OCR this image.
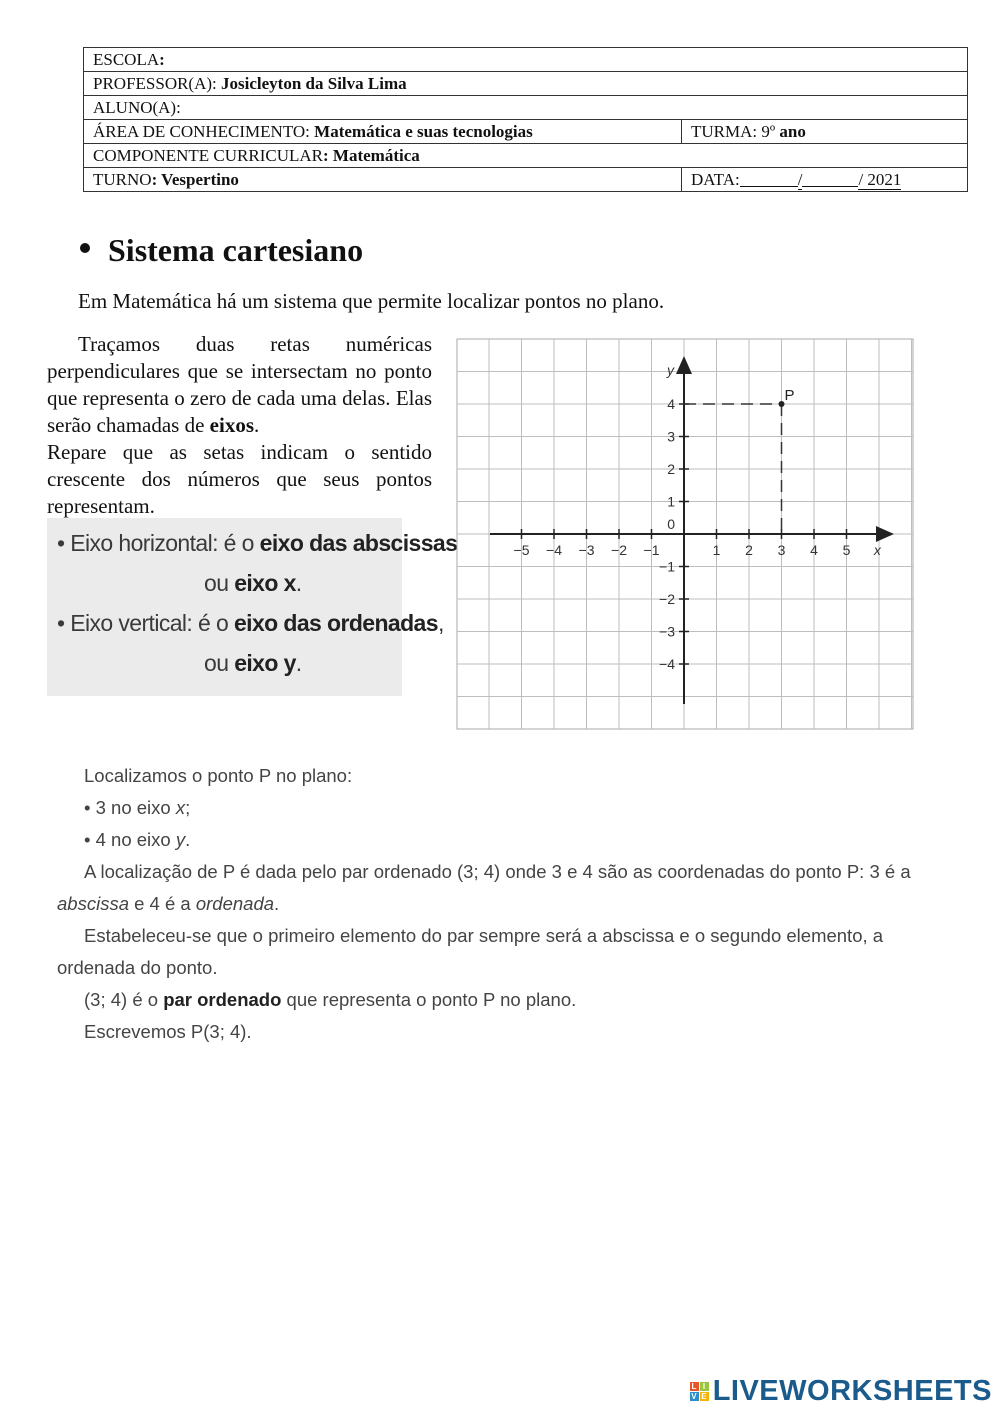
ESCOLA:	
PROFESSOR(A): Josicleyton da Silva Lima	
ALUNO(A):	
ÁREA DE CONHECIMENTO: Matemática e suas tecnologias	TURMA: 9º ano
COMPONENTE CURRICULAR: Matemática	
TURNO: Vespertino	DATA: / / 2021
Sistema cartesiano

Em Matemática há um sistema que permite localizar pontos no plano.

Traçamos duas retas numéricas perpendiculares que se intersectam no ponto que representa o zero de cada uma delas. Elas serão chamadas de eixos.

Repare que as setas indicam o sentido crescente dos números que seus pontos representam.

• Eixo horizontal: é o eixo das abscissas
ou eixo x.
• Eixo vertical: é o eixo das ordenadas,
ou eixo y.
−5 −4 −3 −2 −1	1 2 3 4 5
−4
−3
−2
−1
1
2
3
4
0
x
y
P

Localizamos o ponto P no plano:

• 3 no eixo x;

• 4 no eixo y.

A localização de P é dada pelo par ordenado (3; 4) onde 3 e 4 são as coordenadas do ponto P: 3 é a abscissa e 4 é a ordenada.

Estabeleceu-se que o primeiro elemento do par sempre será a abscissa e o segundo elemento, a ordenada do ponto.

(3; 4) é o par ordenado que representa o ponto P no plano.

Escrevemos P(3; 4).

L I
V E LIVEWORKSHEETS
